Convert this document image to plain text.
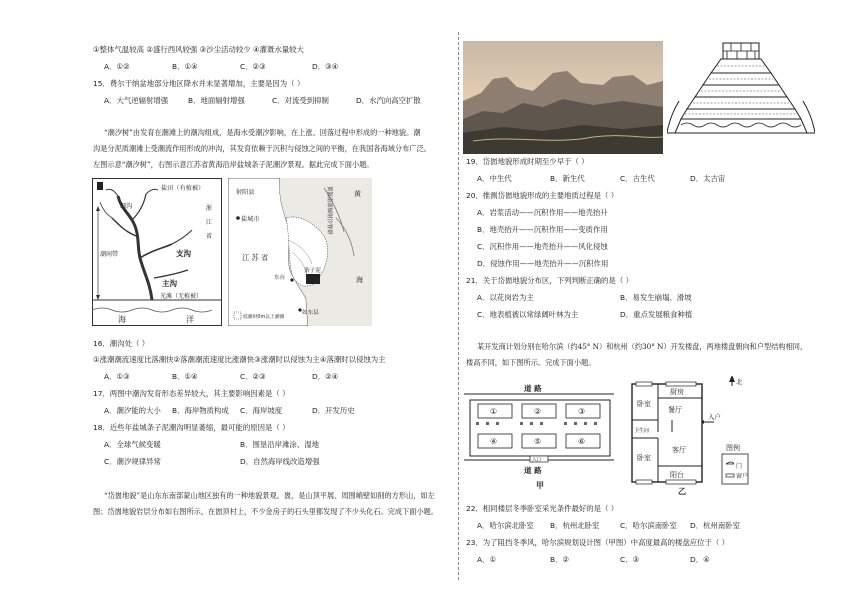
①整体气温较高 ②盛行西风较强 ③沙尘活动较少 ④灌溉水量较大
A．①②	B．①④	C．②③	D．③④
15．费尔干纳盆地部分地区降水并未显著增加，主要是因为（ ）
A．大气逆辐射增强	B．地面辐射增强	C．对流受到抑制	D．水汽向高空扩散
“潮汐树”由发育在潮滩上的潮沟组成，是海水受潮汐影响，在上涨、回落过程中形成的一种地貌。潮
沟是分泥质潮滩上受潮流作用形成的冲沟，其发育依赖于沉积与侵蚀之间的平衡，在我国各海域分布广泛。
左图示意“潮汐树”，右图示意江苏省黄海沿岸盐城条子泥潮汐景观。据此完成下面小题。
盐田（有植被）
细沟
潮间带	支沟
主沟
光滩（无植被）
海	洋
浙
江
省
射阳县
盐城市
江 苏 省
黄
海
条子泥
东台
如东县
低潮时0m以上潮滩
黄海南部辐射沙脊群
16．潮沟处（ ）
①涨潮潮流速度比落潮快②落潮潮流速度比涨潮快③涨潮时以侵蚀为主④落潮时以侵蚀为主
A．①③	B．①④	C．②③	D．②④
17．两图中潮沟发育形态差异较大，其主要影响因素是（ ）
A．潮汐能的大小 B．海岸物质构成 C．海岸坡度	D．开发历史
18．近些年盐城条子泥潮沟明显萎缩，最可能的原因是（ ）
A．全球气候变暖	B．围垦沿岸滩涂、湿地
C．潮汐规律异常	D．自然海岸线改造增强
“岱崮地貌”是山东东南部蒙山地区独有的一种地貌景观。崮，是山顶平展、周围峭壁如削的方形山，如左
图；岱崮地貌岩层分布如右图所示，在崮顶村上，不少金房子的石头里都发现了不少头化石。完成下面小题。
19．岱崮地貌形成时期至少早于（ ）
A．中生代	B．新生代	C．古生代	D．太古宙
20．推测岱崮地貌形成的主要地质过程是（ ）
A．岩浆活动——沉积作用——地壳抬升
B．地壳抬升——沉积作用——变质作用
C．沉积作用——地壳抬升——风化侵蚀
D．侵蚀作用——地壳抬升——沉积作用
21．关于岱崮地貌分布区，下列判断正确的是（ ）
A．以花岗岩为主	B．易发生崩塌、滑坡
C．地表植被以常绿阔叶林为主	D．重点发展粮食种植
某开发商计划分别在哈尔滨（约45° N）和杭州（约30° N）开发楼盘，两地楼盘朝向和户型结构相同，
楼高不同，如下图所示。完成下面小题。
道 路
道 路
入口
①	②	③
④	⑤	⑥
甲
厨房
卧室
餐厅
入户
卫生间
客厅
卧室
阳台
图例
门
窗户
北
乙
22．相同楼层冬季卧室采光条件最好的是（ ）
A．哈尔滨北卧室 B．杭州北卧室	C．哈尔滨南卧室 D．杭州南卧室
23．为了阻挡冬季风，哈尔滨规划设计图（甲图）中高度最高的楼盘应位于（ ）
A．①	B．②	C．③	D．④
